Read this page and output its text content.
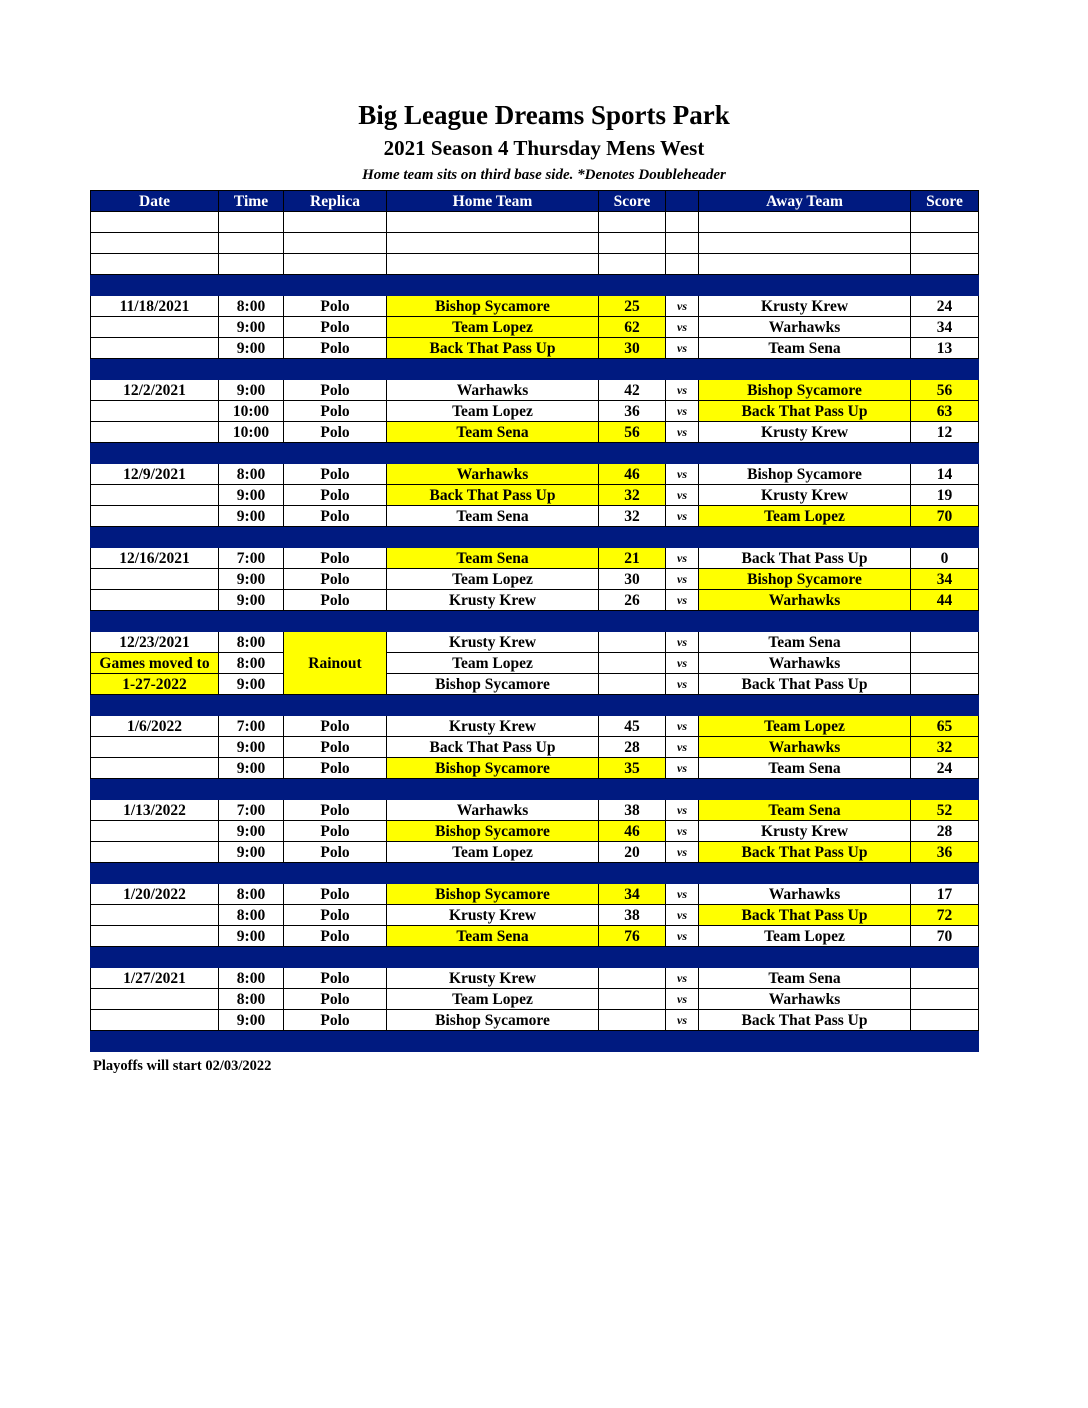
Big League Dreams Sports Park
2021 Season 4 Thursday Mens West
Home team sits on third base side. *Denotes Doubleheader
Date	Time	Replica	Home Team	Score		Away Team	Score

11/18/2021	8:00	Polo	Bishop Sycamore	25	vs	Krusty Krew	24
	9:00	Polo	Team Lopez	62	vs	Warhawks	34
	9:00	Polo	Back That Pass Up	30	vs	Team Sena	13

12/2/2021	9:00	Polo	Warhawks	42	vs	Bishop Sycamore	56
	10:00	Polo	Team Lopez	36	vs	Back That Pass Up	63
	10:00	Polo	Team Sena	56	vs	Krusty Krew	12

12/9/2021	8:00	Polo	Warhawks	46	vs	Bishop Sycamore	14
	9:00	Polo	Back That Pass Up	32	vs	Krusty Krew	19
	9:00	Polo	Team Sena	32	vs	Team Lopez	70

12/16/2021	7:00	Polo	Team Sena	21	vs	Back That Pass Up	0
	9:00	Polo	Team Lopez	30	vs	Bishop Sycamore	34
	9:00	Polo	Krusty Krew	26	vs	Warhawks	44

12/23/2021	8:00	Rainout	Krusty Krew		vs	Team Sena	
Games moved to	8:00		Team Lopez		vs	Warhawks	
1-27-2022	9:00		Bishop Sycamore		vs	Back That Pass Up	

1/6/2022	7:00	Polo	Krusty Krew	45	vs	Team Lopez	65
	9:00	Polo	Back That Pass Up	28	vs	Warhawks	32
	9:00	Polo	Bishop Sycamore	35	vs	Team Sena	24

1/13/2022	7:00	Polo	Warhawks	38	vs	Team Sena	52
	9:00	Polo	Bishop Sycamore	46	vs	Krusty Krew	28
	9:00	Polo	Team Lopez	20	vs	Back That Pass Up	36

1/20/2022	8:00	Polo	Bishop Sycamore	34	vs	Warhawks	17
	8:00	Polo	Krusty Krew	38	vs	Back That Pass Up	72
	9:00	Polo	Team Sena	76	vs	Team Lopez	70

1/27/2021	8:00	Polo	Krusty Krew		vs	Team Sena	
	8:00	Polo	Team Lopez		vs	Warhawks	
	9:00	Polo	Bishop Sycamore		vs	Back That Pass Up	

Playoffs will start 02/03/2022
